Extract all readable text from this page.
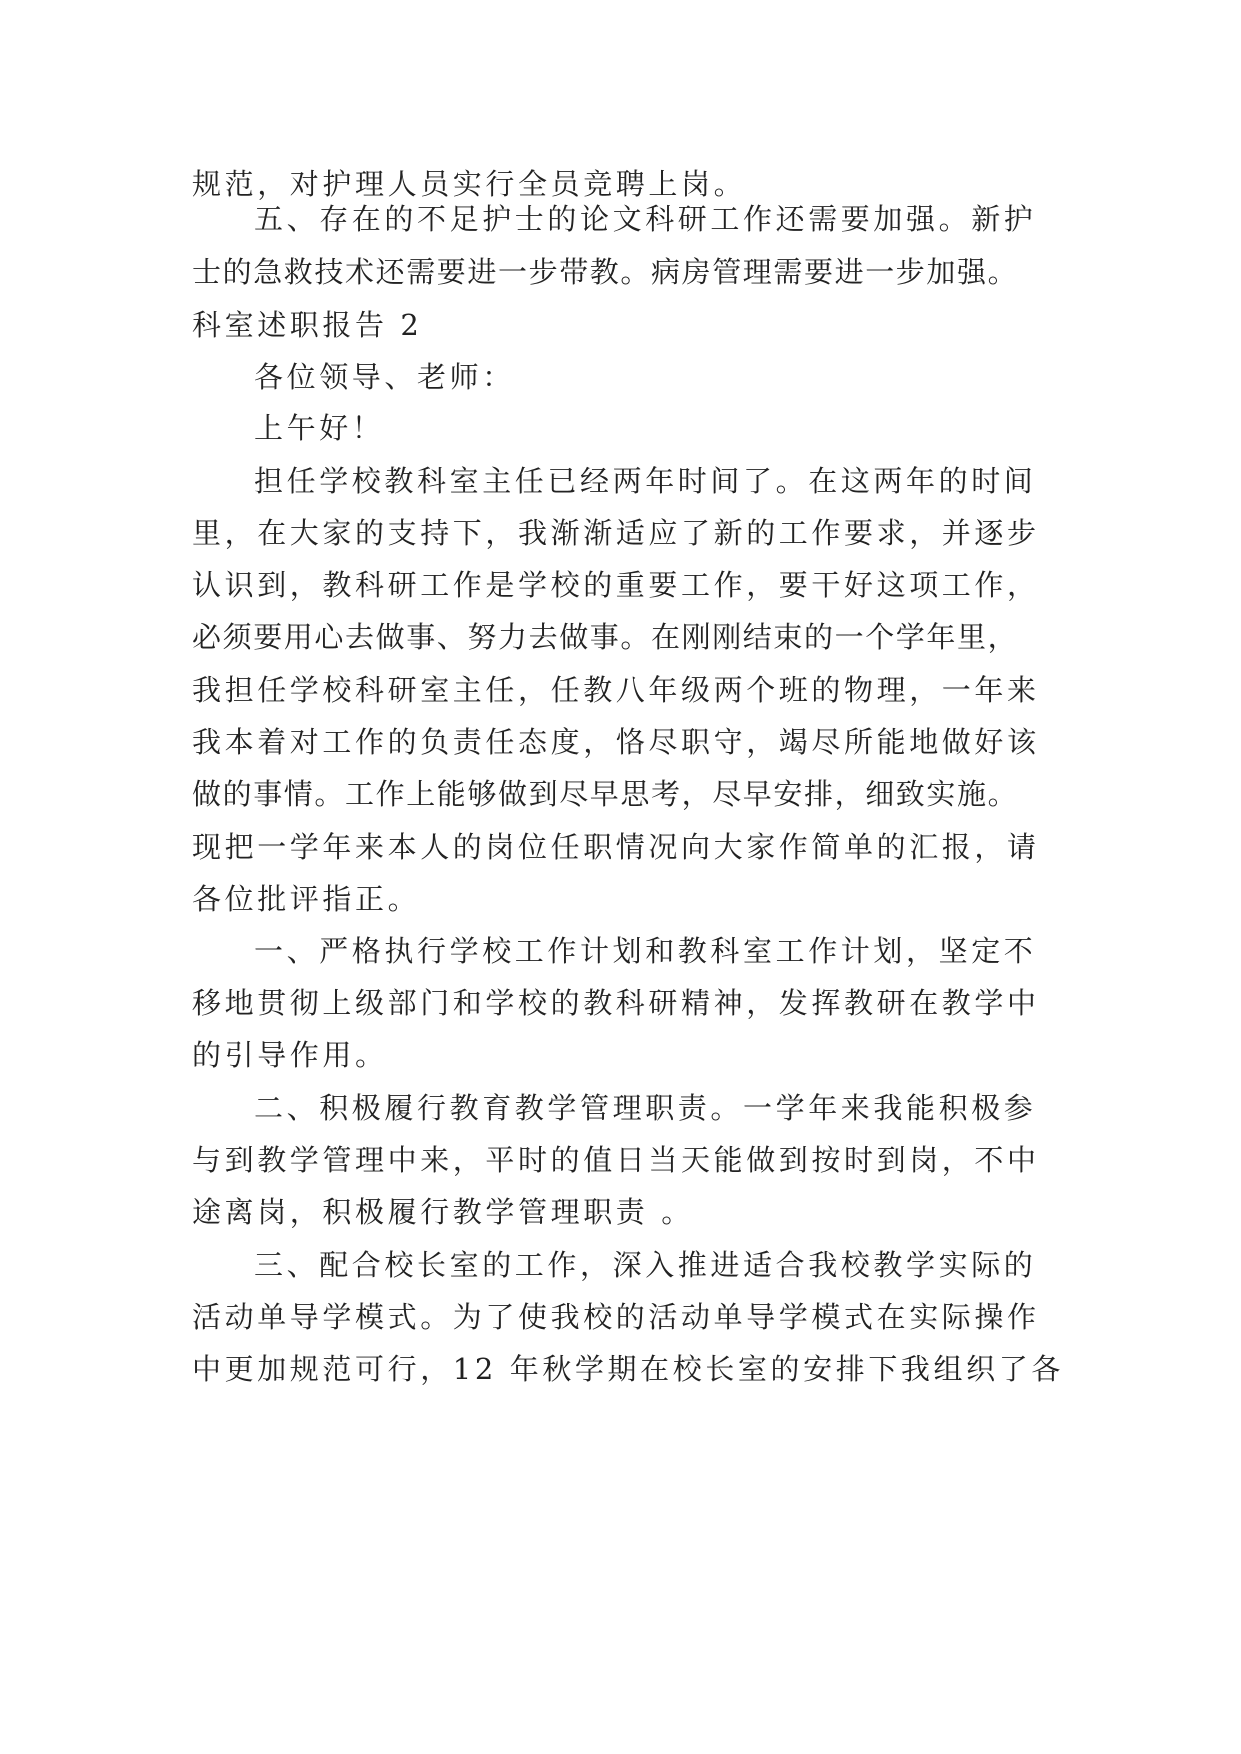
规范，对护理人员实行全员竞聘上岗。

五、存在的不足护士的论文科研工作还需要加强。新护

士的急救技术还需要进一步带教。病房管理需要进一步加强。

科室述职报告 2

各位领导、老师：

上午好！

担任学校教科室主任已经两年时间了。在这两年的时间

里，在大家的支持下，我渐渐适应了新的工作要求，并逐步

认识到，教科研工作是学校的重要工作，要干好这项工作，

必须要用心去做事、努力去做事。在刚刚结束的一个学年里，

我担任学校科研室主任，任教八年级两个班的物理，一年来

我本着对工作的负责任态度，恪尽职守，竭尽所能地做好该

做的事情。工作上能够做到尽早思考，尽早安排，细致实施。

现把一学年来本人的岗位任职情况向大家作简单的汇报，请

各位批评指正。

一、严格执行学校工作计划和教科室工作计划，坚定不

移地贯彻上级部门和学校的教科研精神，发挥教研在教学中

的引导作用。

二、积极履行教育教学管理职责。一学年来我能积极参

与到教学管理中来，平时的值日当天能做到按时到岗，不中

途离岗，积极履行教学管理职责 。

三、配合校长室的工作，深入推进适合我校教学实际的

活动单导学模式。为了使我校的活动单导学模式在实际操作

中更加规范可行，12 年秋学期在校长室的安排下我组织了各
